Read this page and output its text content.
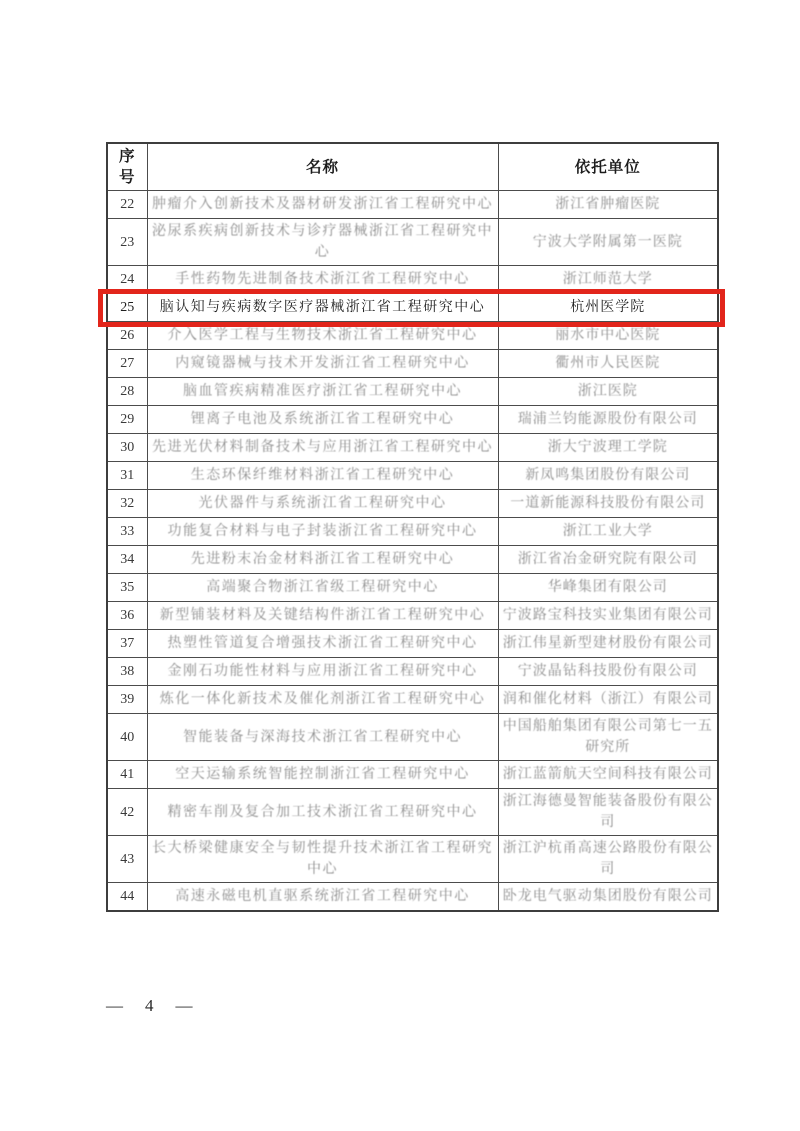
序号	名称	依托单位
22	肿瘤介入创新技术及器材研发浙江省工程研究中心	浙江省肿瘤医院
23	泌尿系疾病创新技术与诊疗器械浙江省工程研究中心	宁波大学附属第一医院
24	手性药物先进制备技术浙江省工程研究中心	浙江师范大学
25	脑认知与疾病数字医疗器械浙江省工程研究中心	杭州医学院
26	介入医学工程与生物技术浙江省工程研究中心	丽水市中心医院
27	内窥镜器械与技术开发浙江省工程研究中心	衢州市人民医院
28	脑血管疾病精准医疗浙江省工程研究中心	浙江医院
29	锂离子电池及系统浙江省工程研究中心	瑞浦兰钧能源股份有限公司
30	先进光伏材料制备技术与应用浙江省工程研究中心	浙大宁波理工学院
31	生态环保纤维材料浙江省工程研究中心	新凤鸣集团股份有限公司
32	光伏器件与系统浙江省工程研究中心	一道新能源科技股份有限公司
33	功能复合材料与电子封装浙江省工程研究中心	浙江工业大学
34	先进粉末冶金材料浙江省工程研究中心	浙江省冶金研究院有限公司
35	高端聚合物浙江省级工程研究中心	华峰集团有限公司
36	新型铺装材料及关键结构件浙江省工程研究中心	宁波路宝科技实业集团有限公司
37	热塑性管道复合增强技术浙江省工程研究中心	浙江伟星新型建材股份有限公司
38	金刚石功能性材料与应用浙江省工程研究中心	宁波晶钻科技股份有限公司
39	炼化一体化新技术及催化剂浙江省工程研究中心	润和催化材料（浙江）有限公司
40	智能装备与深海技术浙江省工程研究中心	中国船舶集团有限公司第七一五研究所
41	空天运输系统智能控制浙江省工程研究中心	浙江蓝箭航天空间科技有限公司
42	精密车削及复合加工技术浙江省工程研究中心	浙江海德曼智能装备股份有限公司
43	长大桥梁健康安全与韧性提升技术浙江省工程研究中心	浙江沪杭甬高速公路股份有限公司
44	高速永磁电机直驱系统浙江省工程研究中心	卧龙电气驱动集团股份有限公司
— 4 —
